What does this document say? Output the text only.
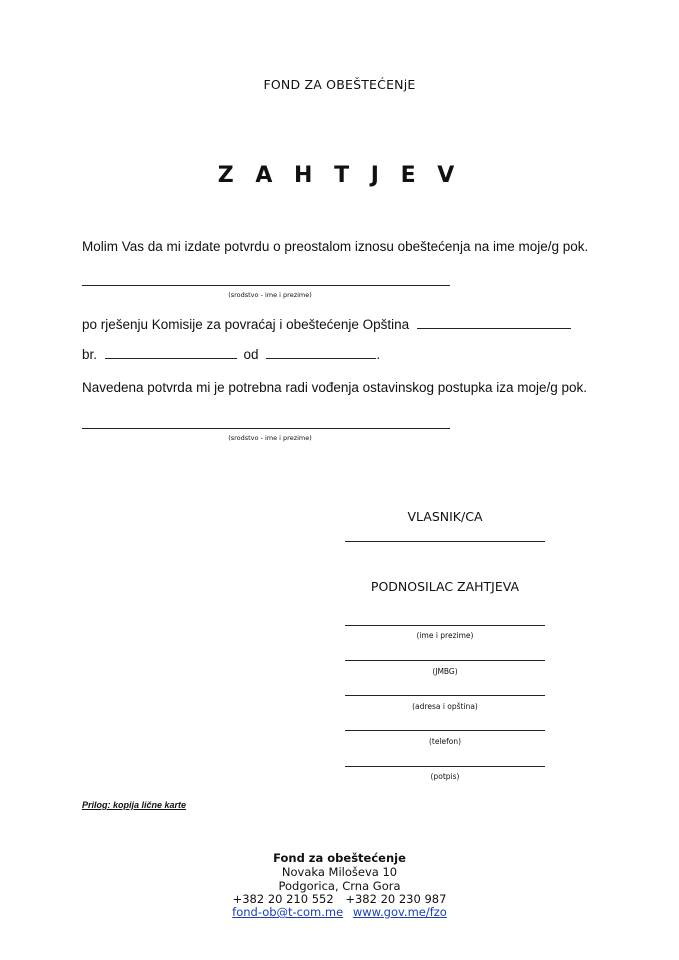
FOND ZA OBEŠTEĆENjE
Z A H T J E V
Molim Vas da mi izdate potvrdu o preostalom iznosu obeštećenja na ime moje/g pok.
(srodstvo - ime i prezime)
po rješenju Komisije za povraćaj i obeštećenje Opština
br.	od	.
Navedena potvrda mi je potrebna radi vođenja ostavinskog postupka iza moje/g pok.
(srodstvo - ime i prezime)
VLASNIK/CA
PODNOSILAC ZAHTJEVA
(ime i prezime)
(JMBG)
(adresa i opština)
(telefon)
(potpis)
Prilog: kopija lične karte
Fond za obeštećenje
Novaka Miloševa 10
Podgorica, Crna Gora
+382 20 210 552 +382 20 230 987
fond-ob@t-com.me www.gov.me/fzo
